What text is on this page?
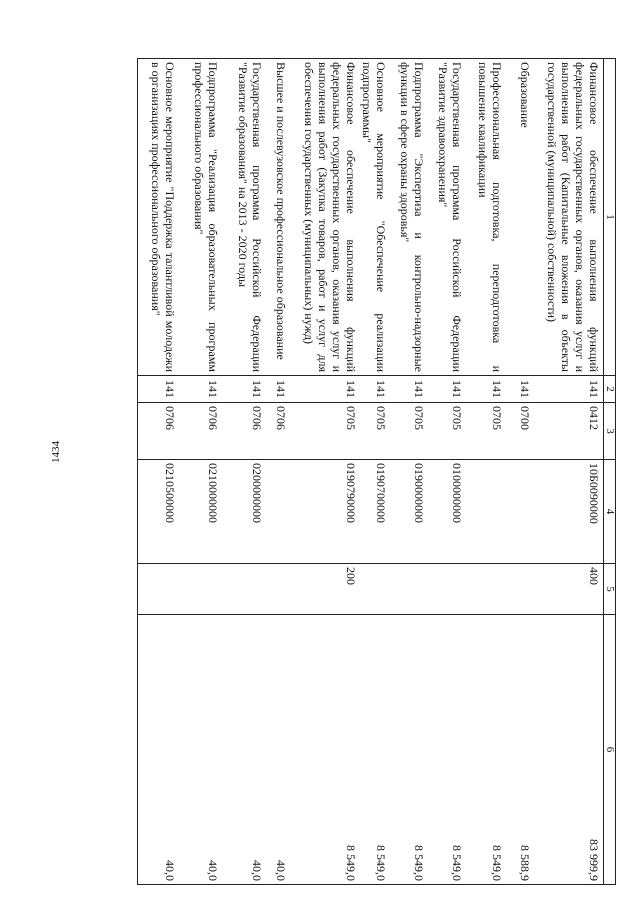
1434
1	2	3	4	5	6
Финансовое обеспечение выполнения функций федеральных государственных органов, оказания услуг и выполнения работ (Капитальные вложения в объекты государственной (муниципальной) собственности)	141	0412	10Б0090000	400	83 999,9
Образование	141	0700			8 588,9
Профессиональная подготовка, переподготовка и повышение квалификации	141	0705			8 549,0
Государственная программа Российской Федерации "Развитие здравоохранения"	141	0705	0100000000		8 549,0
Подпрограмма "Экспертиза и контрольно-надзорные функции в сфере охраны здоровья"	141	0705	0190000000		8 549,0
Основное мероприятие "Обеспечение реализации подпрограммы"	141	0705	0190700000		8 549,0
Финансовое обеспечение выполнения функций федеральных государственных органов, оказания услуг и выполнения работ (Закупка товаров, работ и услуг для обеспечения государственных (муниципальных) нужд)	141	0705	0190790000	200	8 549,0
Высшее и послевузовское профессиональное образование	141	0706			40,0
Государственная программа Российской Федерации "Развитие образования" на 2013 - 2020 годы	141	0706	0200000000		40,0
Подпрограмма "Реализация образовательных программ профессионального образования"	141	0706	0210000000		40,0
Основное мероприятие "Поддержка талантливой молодежи в организациях профессионального образования"	141	0706	0210500000		40,0
